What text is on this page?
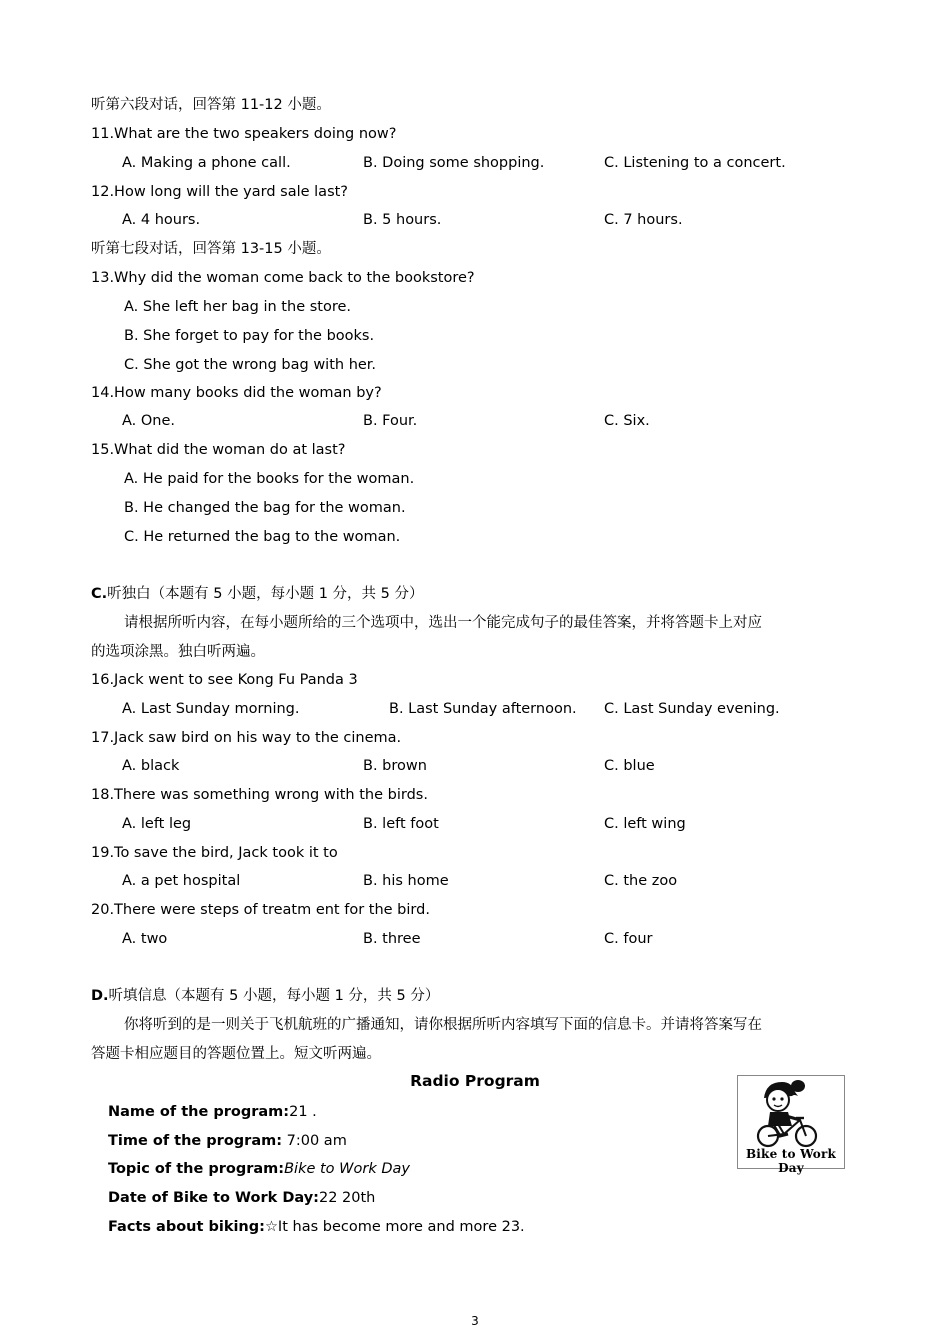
听第六段对话，回答第 11-12 小题。
11.What are the two speakers doing now?
A. Making a phone call.	B. Doing some shopping.	C. Listening to a concert.
12.How long will the yard sale last?
A. 4 hours.	B. 5 hours.	C. 7 hours.
听第七段对话，回答第 13-15 小题。
13.Why did the woman come back to the bookstore?
A. She left her bag in the store.
B. She forget to pay for the books.
C. She got the wrong bag with her.
14.How many books did the woman by?
A. One.	B. Four.	C. Six.
15.What did the woman do at last?
A. He paid for the books for the woman.
B. He changed the bag for the woman.
C. He returned the bag to the woman.
C.听独白（本题有 5 小题，每小题 1 分，共 5 分）
请根据所听内容，在每小题所给的三个选项中，选出一个能完成句子的最佳答案，并将答题卡上对应
的选项涂黑。独白听两遍。
16.Jack went to see Kong Fu Panda 3
A. Last Sunday morning.	B. Last Sunday afternoon. C. Last Sunday evening.
17.Jack saw bird on his way to the cinema.
A. black	B. brown	C. blue
18.There was something wrong with the birds.
A. left leg	B. left foot	C. left wing
19.To save the bird, Jack took it to
A. a pet hospital	B. his home	C. the zoo
20.There were steps of treatm ent for the bird.
A. two	B. three	C. four
D.听填信息（本题有 5 小题，每小题 1 分，共 5 分）
你将听到的是一则关于飞机航班的广播通知，请你根据所听内容填写下面的信息卡。并请将答案写在
答题卡相应题目的答题位置上。短文听两遍。
Radio Program
Name of the program:21 .
Time of the program: 7:00 am
Topic of the program:Bike to Work Day
Date of Bike to Work Day:22 20th
Facts about biking:☆It has become more and more 23.
Bike to Work Day
3
